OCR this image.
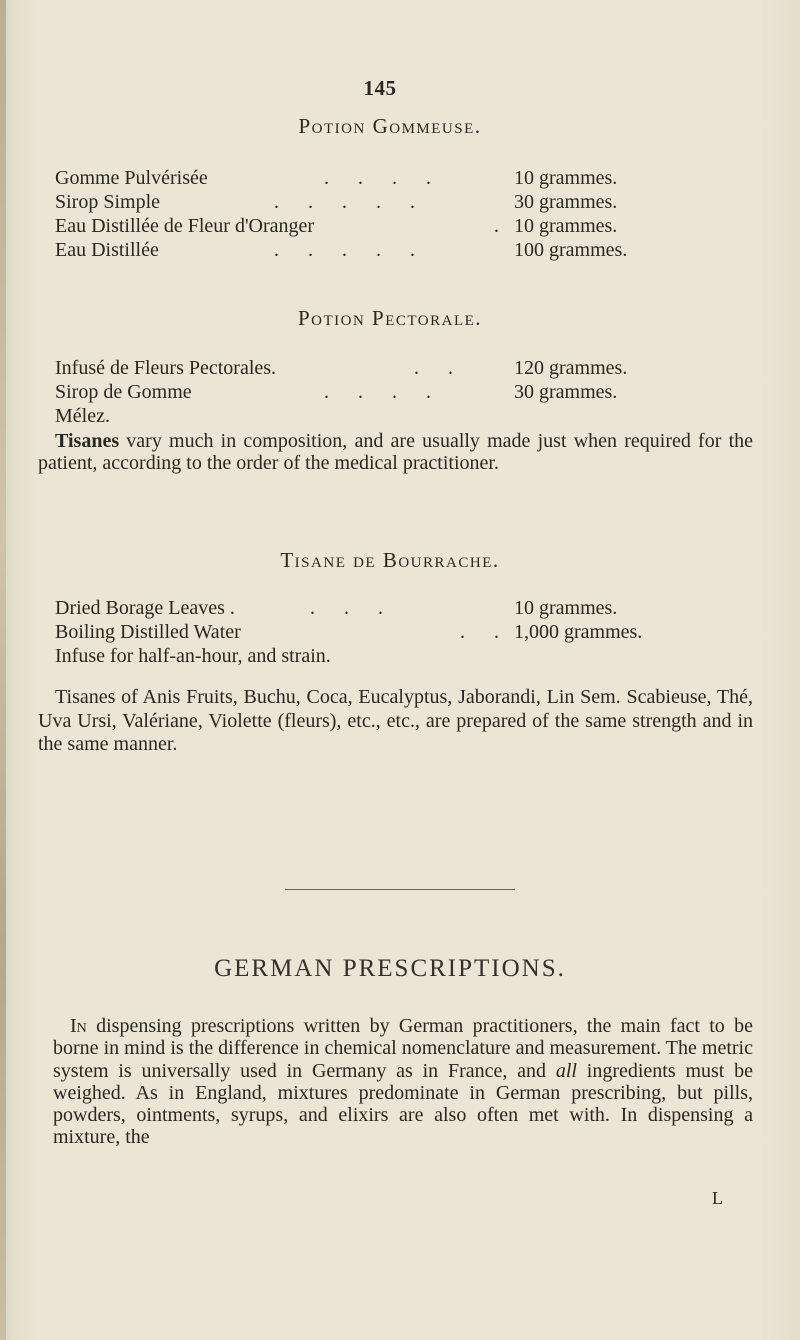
145
Potion Gommeuse.
Gomme Pulvérisée	. . . .	10 grammes.
Sirop Simple	. . . . .	30 grammes.
Eau Distillée de Fleur d'Oranger	. 10 grammes.
Eau Distillée	. . . . .	100 grammes.
Potion Pectorale.
Infusé de Fleurs Pectorales.	. . 120 grammes.
Sirop de Gomme	. . . .	30 grammes.
Mélez.
Tisanes vary much in composition, and are usually made just when required for the patient, according to the order of the medical practitioner.
Tisane de Bourrache.
Dried Borage Leaves .	. . .	10 grammes.
Boiling Distilled Water	. . 1,000 grammes.
Infuse for half-an-hour, and strain.
Tisanes of Anis Fruits, Buchu, Coca, Eucalyptus, Jaborandi, Lin Sem. Scabieuse, Thé, Uva Ursi, Valériane, Violette (fleurs), etc., etc., are prepared of the same strength and in the same manner.
GERMAN PRESCRIPTIONS.
In dispensing prescriptions written by German practitioners, the main fact to be borne in mind is the difference in chemical nomenclature and measurement. The metric system is universally used in Germany as in France, and all ingredients must be weighed. As in England, mixtures predominate in German prescribing, but pills, powders, ointments, syrups, and elixirs are also often met with. In dispensing a mixture, the
L
